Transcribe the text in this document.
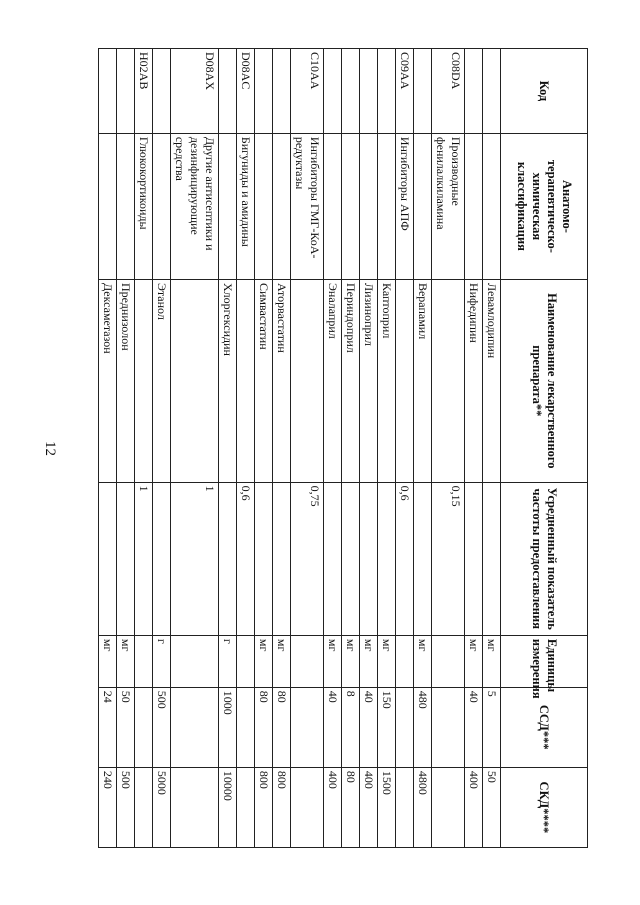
12
Код	Анатомо-терапевтическо-химическая классификация	Наименование лекарственного препарата**	Усредненный показатель частоты предоставления	Единицы измерения	ССД***	СКД****
		Левамлодипин		мг	5	50
		Нифедипин		мг	40	400
C08DA	Производные фенилалкиламина		0,15			
		Верапамил		мг	480	4800
C09AA	Ингибиторы АПФ		0,6			
		Каптоприл		мг	150	1500
		Лизиноприл		мг	40	400
		Периндоприл		мг	8	80
		Эналаприл		мг	40	400
C10AA	Ингибиторы ГМГ-КоА-редуктазы		0,75			
		Аторвастатин		мг	80	800
		Симвастатин		мг	80	800
D08AC	Бигуниды и амидины		0,6			
		Хлоргексидин		г	1000	10000
D08AX	Другие антисептики и дезинфицирующие средства		1			
		Этанол		г	500	5000
H02AB	Глюкокортикоиды		1			
		Преднизолон		мг	50	500
		Дексаметазон		мг	24	240
